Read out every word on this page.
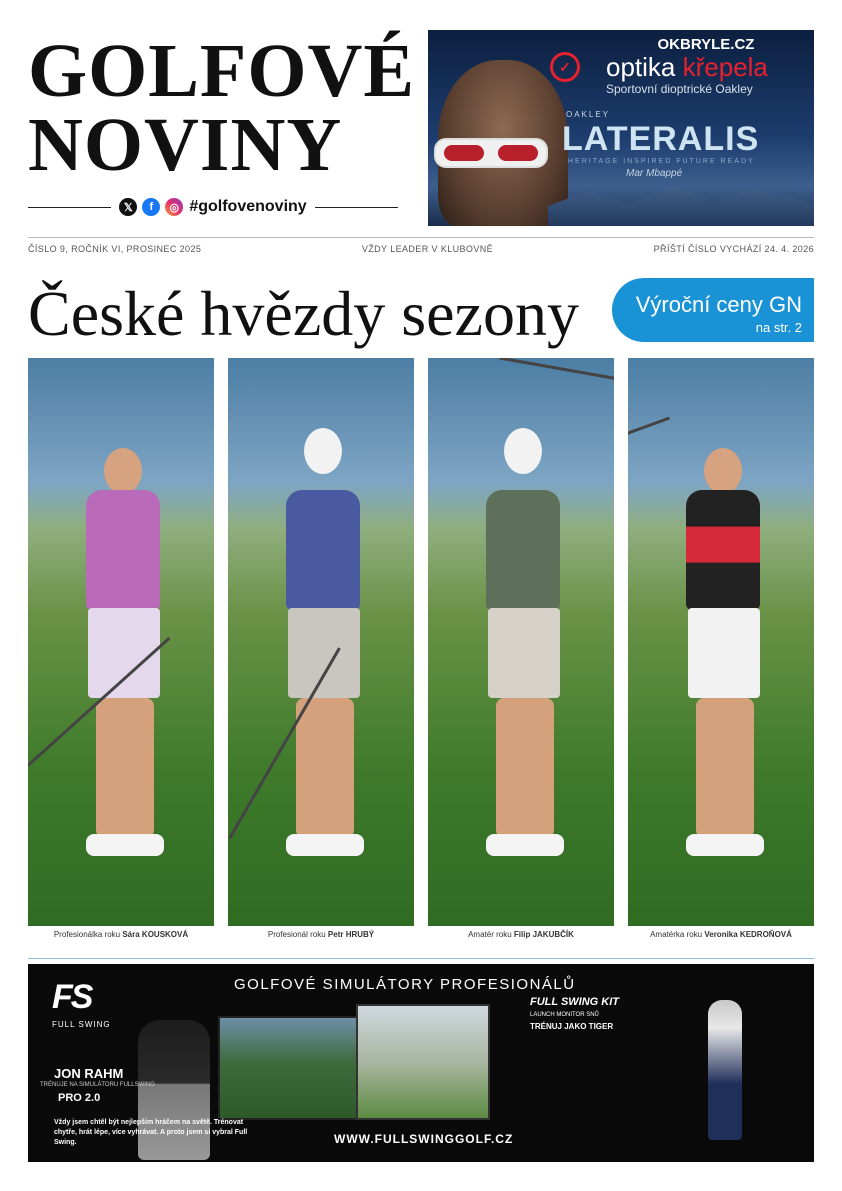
GOLFOVÉ
NOVINY
𝕏	f	◎ #golfovenoviny
OKBRYLE.CZ
✓	optika křepela
Sportovní dioptrické Oakley
OAKLEY
LATERALIS
HERITAGE INSPIRED FUTURE READY
Mar Mbappé
ČÍSLO 9, ROČNÍK VI, PROSINEC 2025	VŽDY LEADER V KLUBOVNĚ	PŘÍŠTÍ ČÍSLO VYCHÁZÍ 24. 4. 2026
České hvězdy sezony	Výroční ceny GN
na str. 2
Profesionálka roku Sára KOUSKOVÁ	Profesionál roku Petr HRUBÝ	Amatér roku Filip JAKUBČÍK	Amatérka roku Veronika KEDROŇOVÁ
FS
FULL SWING
GOLFOVÉ SIMULÁTORY PROFESIONÁLŮ
JON RAHM
TRÉNUJE NA SIMULÁTORU FULLSWING
PRO 2.0
Vždy jsem chtěl být nejlepším hráčem na světě. Trénovat chytře, hrát lépe, více vyhrávat. A proto jsem si vybral Full Swing.	WWW.FULLSWINGGOLF.CZ
FULL SWING KIT
LAUNCH MONITOR SNŮ
TRÉNUJ JAKO TIGER
